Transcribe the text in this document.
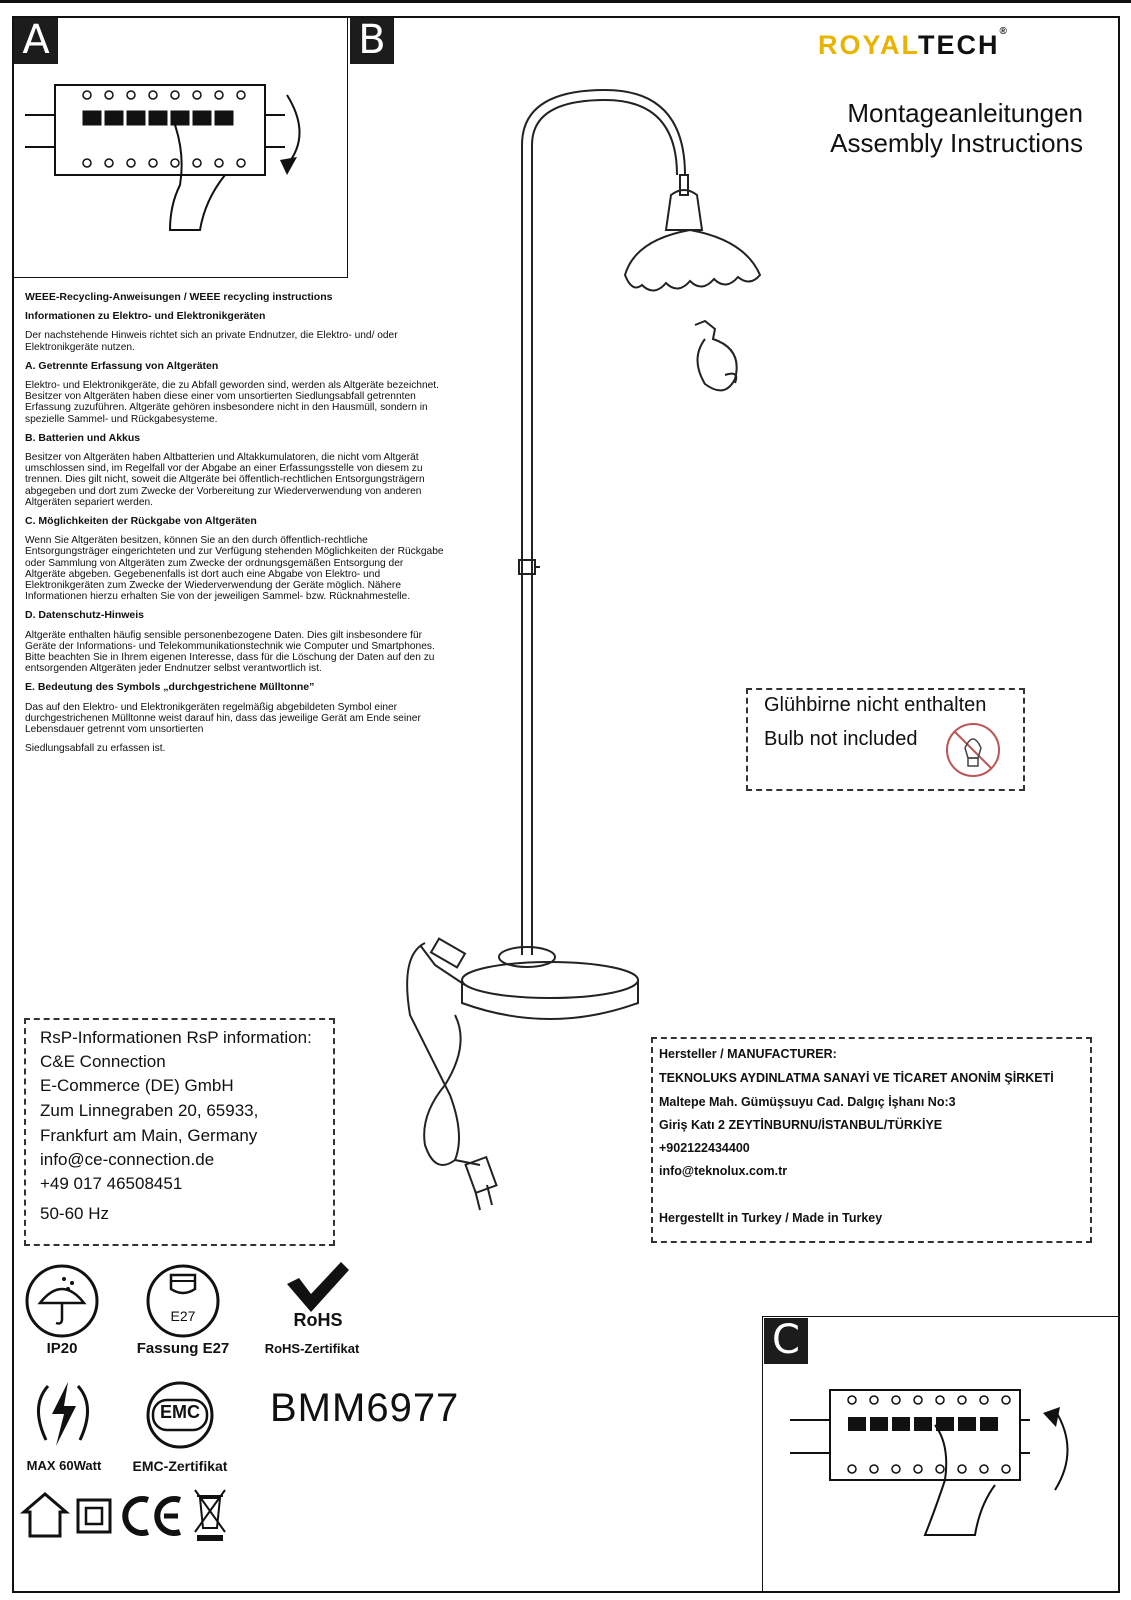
A	B	ROYALTECH®
Montageanleitungen
Assembly Instructions
WEEE-Recycling-Anweisungen / WEEE recycling instructions
Informationen zu Elektro- und Elektronikgeräten

Der nachstehende Hinweis richtet sich an private Endnutzer, die Elektro- und/ oder Elektronikgeräte nutzen.

A. Getrennte Erfassung von Altgeräten

Elektro- und Elektronikgeräte, die zu Abfall geworden sind, werden als Altgeräte bezeichnet. Besitzer von Altgeräten haben diese einer vom unsortierten Siedlungsabfall getrennten Erfassung zuzuführen. Altgeräte gehören insbesondere nicht in den Hausmüll, sondern in spezielle Sammel- und Rückgabesysteme.

B. Batterien und Akkus

Besitzer von Altgeräten haben Altbatterien und Altakkumulatoren, die nicht vom Altgerät umschlossen sind, im Regelfall vor der Abgabe an einer Erfassungsstelle von diesem zu trennen. Dies gilt nicht, soweit die Altgeräte bei öffentlich-rechtlichen Entsorgungsträgern abgegeben und dort zum Zwecke der Vorbereitung zur Wiederverwendung von anderen Altgeräten separiert werden.

C. Möglichkeiten der Rückgabe von Altgeräten

Wenn Sie Altgeräten besitzen, können Sie an den durch öffentlich-rechtliche Entsorgungsträger eingerichteten und zur Verfügung stehenden Möglichkeiten der Rückgabe oder Sammlung von Altgeräten zum Zwecke der ordnungsgemäßen Entsorgung der Altgeräte abgeben. Gegebenenfalls ist dort auch eine Abgabe von Elektro- und Elektronikgeräten zum Zwecke der Wiederverwendung der Geräte möglich. Nähere Informationen hierzu erhalten Sie von der jeweiligen Sammel- bzw. Rücknahmestelle.

D. Datenschutz-Hinweis

Altgeräte enthalten häufig sensible personenbezogene Daten. Dies gilt insbesondere für Geräte der Informations- und Telekommunikationstechnik wie Computer und Smartphones. Bitte beachten Sie in Ihrem eigenen Interesse, dass für die Löschung der Daten auf den zu entsorgenden Altgeräten jeder Endnutzer selbst verantwortlich ist.

E. Bedeutung des Symbols „durchgestrichene Mülltonne”

Das auf den Elektro- und Elektronikgeräten regelmäßig abgebildeten Symbol einer durchgestrichenen Mülltonne weist darauf hin, dass das jeweilige Gerät am Ende seiner Lebensdauer getrennt vom unsortierten

Siedlungsabfall zu erfassen ist.

Glühbirne nicht enthalten
Bulb not included
RsP-Informationen RsP information:
C&E Connection
E-Commerce (DE) GmbH
Zum Linnegraben 20, 65933,
Frankfurt am Main, Germany
info@ce-connection.de
+49 017 46508451
50-60 Hz
Hersteller / MANUFACTURER:
TEKNOLUKS AYDINLATMA SANAYİ VE TİCARET ANONİM ŞİRKETİ
Maltepe Mah. Gümüşsuyu Cad. Dalgıç İşhanı No:3
Giriş Katı 2 ZEYTİNBURNU/İSTANBUL/TÜRKİYE
+902122434400
info@teknolux.com.tr
Hergestellt in Turkey / Made in Turkey
C
IP20
E27
Fassung E27
RoHS
RoHS-Zertifikat
MAX 60Watt
EMC
EMC-Zertifikat
BMM6977
